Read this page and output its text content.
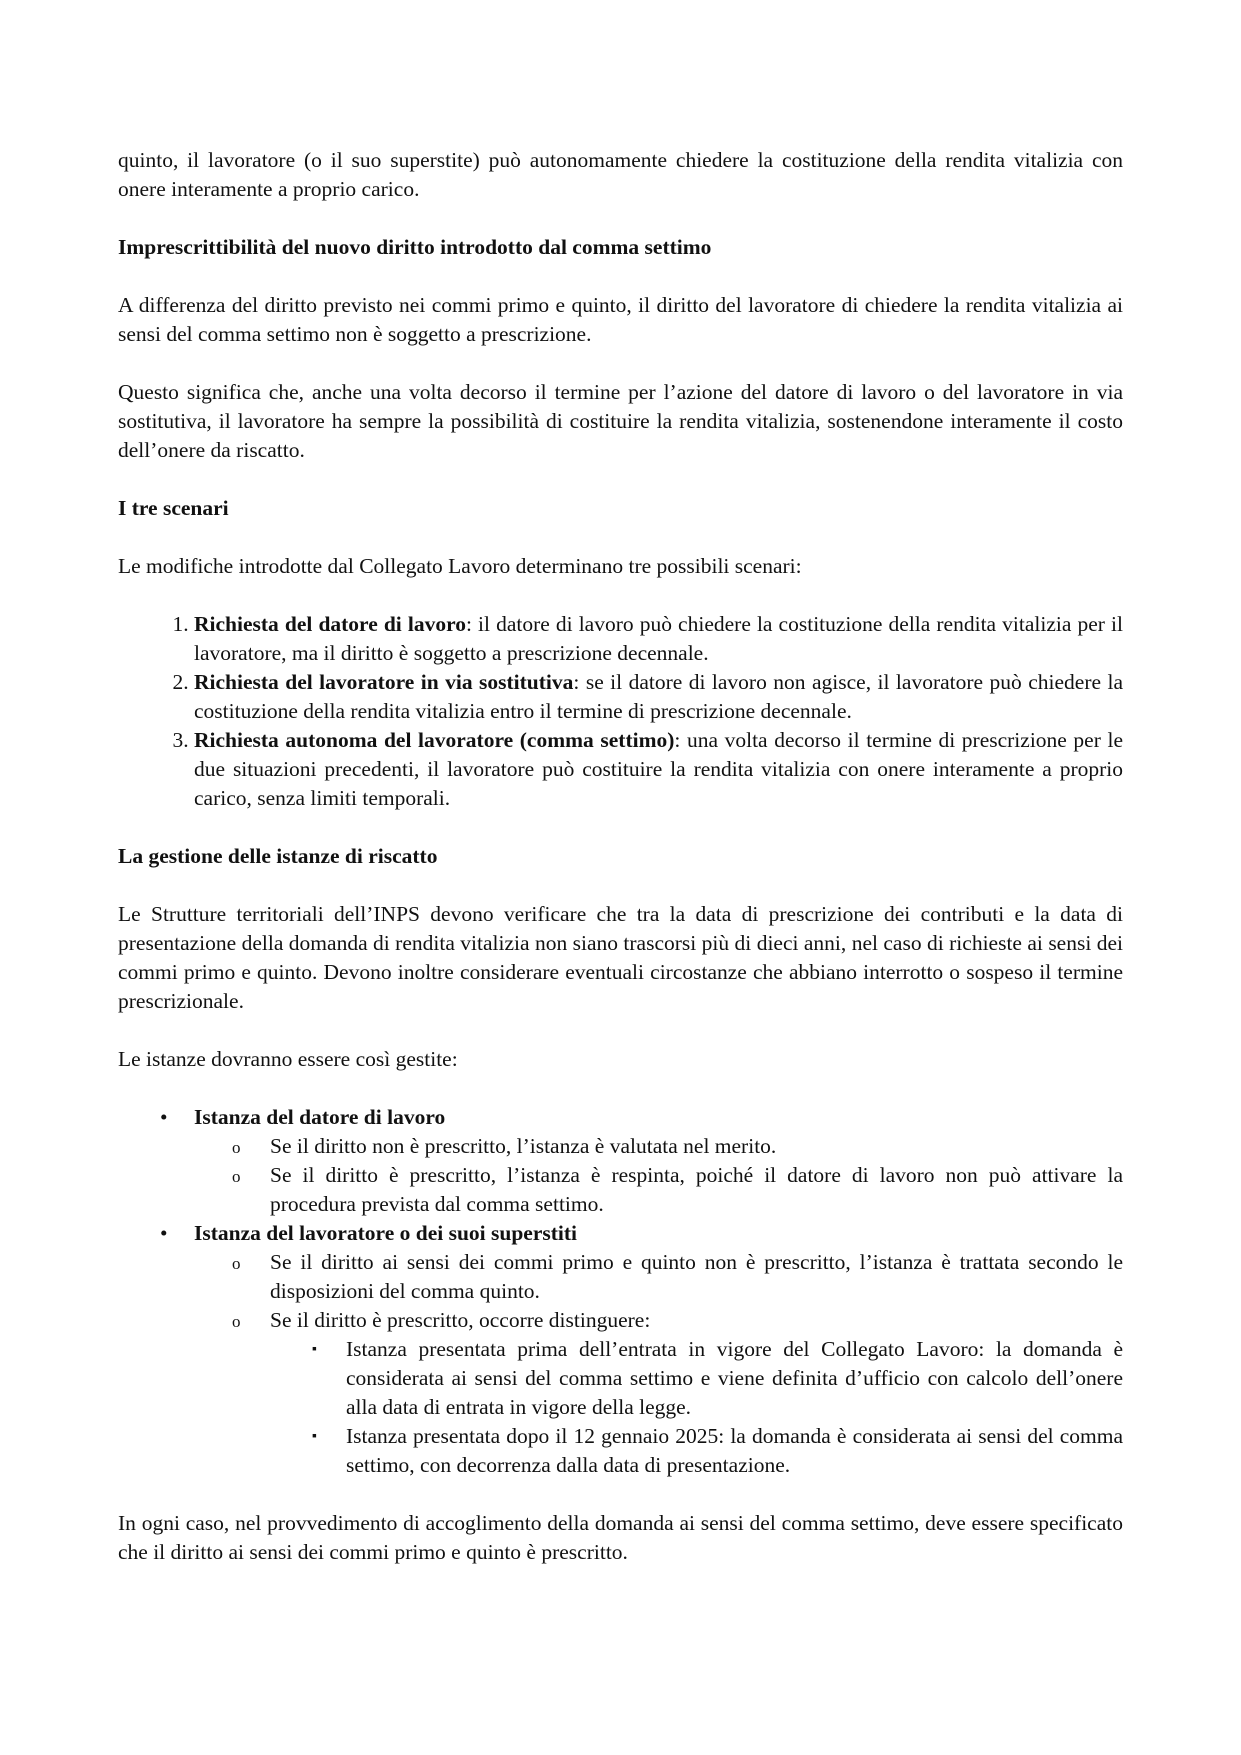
quinto, il lavoratore (o il suo superstite) può autonomamente chiedere la costituzione della rendita vitalizia con onere interamente a proprio carico.

Imprescrittibilità del nuovo diritto introdotto dal comma settimo

A differenza del diritto previsto nei commi primo e quinto, il diritto del lavoratore di chiedere la rendita vitalizia ai sensi del comma settimo non è soggetto a prescrizione.

Questo significa che, anche una volta decorso il termine per l’azione del datore di lavoro o del lavoratore in via sostitutiva, il lavoratore ha sempre la possibilità di costituire la rendita vitalizia, sostenendone interamente il costo dell’onere da riscatto.

I tre scenari

Le modifiche introdotte dal Collegato Lavoro determinano tre possibili scenari:

1. Richiesta del datore di lavoro: il datore di lavoro può chiedere la costituzione della rendita vitalizia per il lavoratore, ma il diritto è soggetto a prescrizione decennale.
2. Richiesta del lavoratore in via sostitutiva: se il datore di lavoro non agisce, il lavoratore può chiedere la costituzione della rendita vitalizia entro il termine di prescrizione decennale.
3. Richiesta autonoma del lavoratore (comma settimo): una volta decorso il termine di prescrizione per le due situazioni precedenti, il lavoratore può costituire la rendita vitalizia con onere interamente a proprio carico, senza limiti temporali.
La gestione delle istanze di riscatto

Le Strutture territoriali dell’INPS devono verificare che tra la data di prescrizione dei contributi e la data di presentazione della domanda di rendita vitalizia non siano trascorsi più di dieci anni, nel caso di richieste ai sensi dei commi primo e quinto. Devono inoltre considerare eventuali circostanze che abbiano interrotto o sospeso il termine prescrizionale.

Le istanze dovranno essere così gestite:

• Istanza del datore di lavoro
o Se il diritto non è prescritto, l’istanza è valutata nel merito.
o Se il diritto è prescritto, l’istanza è respinta, poiché il datore di lavoro non può attivare la procedura prevista dal comma settimo.
• Istanza del lavoratore o dei suoi superstiti
o Se il diritto ai sensi dei commi primo e quinto non è prescritto, l’istanza è trattata secondo le disposizioni del comma quinto.
o Se il diritto è prescritto, occorre distinguere:
▪ Istanza presentata prima dell’entrata in vigore del Collegato Lavoro: la domanda è considerata ai sensi del comma settimo e viene definita d’ufficio con calcolo dell’onere alla data di entrata in vigore della legge.
▪ Istanza presentata dopo il 12 gennaio 2025: la domanda è considerata ai sensi del comma settimo, con decorrenza dalla data di presentazione.

In ogni caso, nel provvedimento di accoglimento della domanda ai sensi del comma settimo, deve essere specificato che il diritto ai sensi dei commi primo e quinto è prescritto.
